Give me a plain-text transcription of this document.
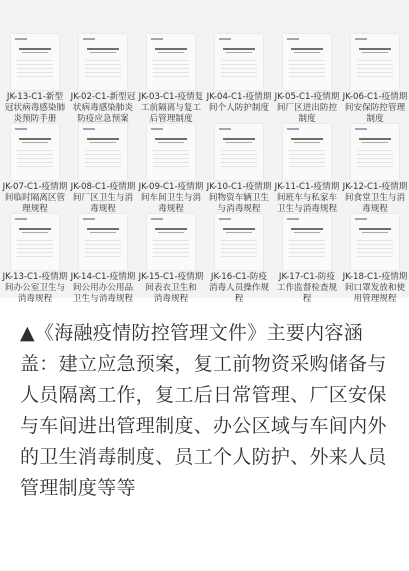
JK-13-C1-新型
冠状病毒感染肺
炎预防手册
JK-02-C1-新型冠
状病毒感染肺炎
防疫应急预案
JK-03-C1-疫情复
工前隔离与复工
后管理制度
JK-04-C1-疫情期
间个人防护制度
JK-05-C1-疫情期
间厂区进出防控
制度
JK-06-C1-疫情期
间安保防控管理
制度
JK-07-C1-疫情期
间临时隔离区管
理规程
JK-08-C1-疫情期
间厂区卫生与消
毒规程
JK-09-C1-疫情期
间车间卫生与消
毒规程
JK-10-C1-疫情期
间物资车辆卫生
与消毒规程
JK-11-C1-疫情期
间班车与私家车
卫生与消毒规程
JK-12-C1-疫情期
间食堂卫生与消
毒规程
JK-13-C1-疫情期
间办公室卫生与
消毒规程
JK-14-C1-疫情期
间公用办公用品
卫生与消毒规程
JK-15-C1-疫情期
间表衣卫生和
消毒规程
JK-16-C1-防疫
消毒人员操作规
程
JK-17-C1-防疫
工作监督检查规
程
JK-18-C1-疫情期
间口罩发放和使
用管理规程
▲《海融疫情防控管理文件》主要内容涵盖：建立应急预案，复工前物资采购储备与人员隔离工作，复工后日常管理、厂区安保与车间进出管理制度、办公区域与车间内外的卫生消毒制度、员工个人防护、外来人员管理制度等等
